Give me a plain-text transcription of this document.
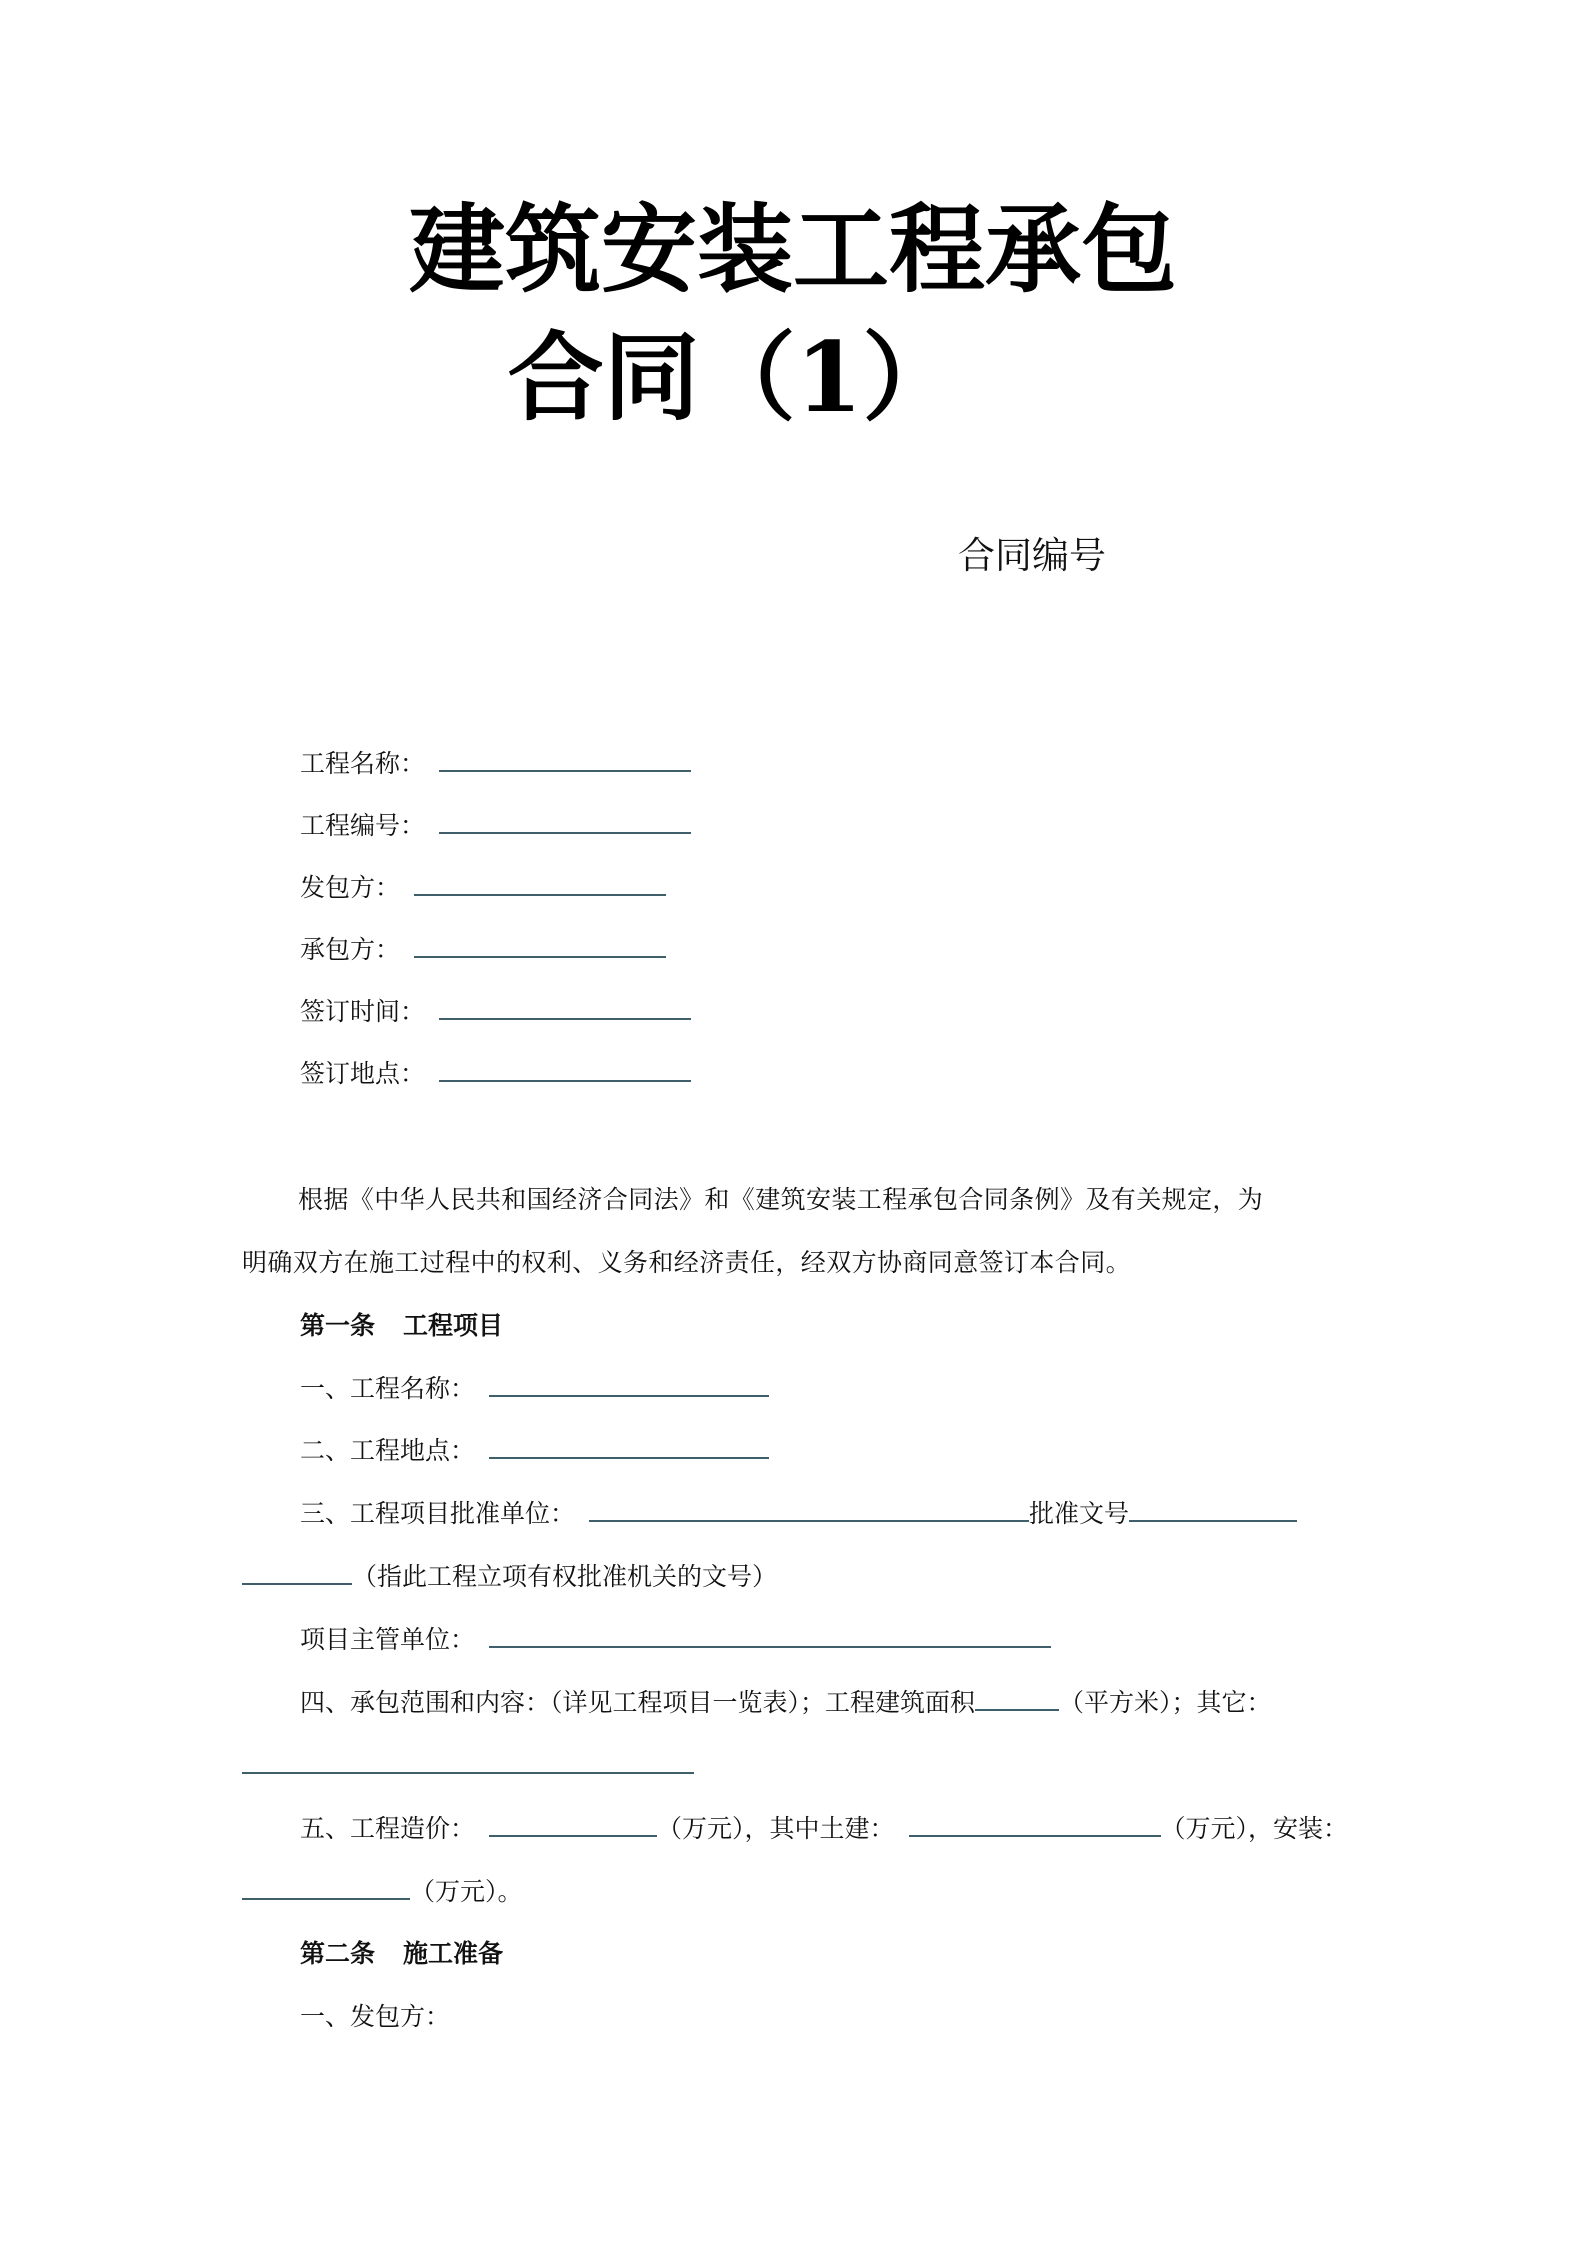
建筑安装工程承包
合同（1）
合同编号
工程名称：
工程编号：
发包方：
承包方：
签订时间：
签订地点：
根据《中华人民共和国经济合同法》和《建筑安装工程承包合同条例》及有关规定，为
明确双方在施工过程中的权利、义务和经济责任，经双方协商同意签订本合同。
第一条 工程项目
一、工程名称：
二、工程地点：
三、工程项目批准单位：	批准文号
（指此工程立项有权批准机关的文号）
项目主管单位：
四、承包范围和内容：（详见工程项目一览表）；工程建筑面积	（平方米）；其它：
五、工程造价：	（万元），其中土建：	（万元），安装：
（万元）。
第二条 施工准备
一、发包方：
